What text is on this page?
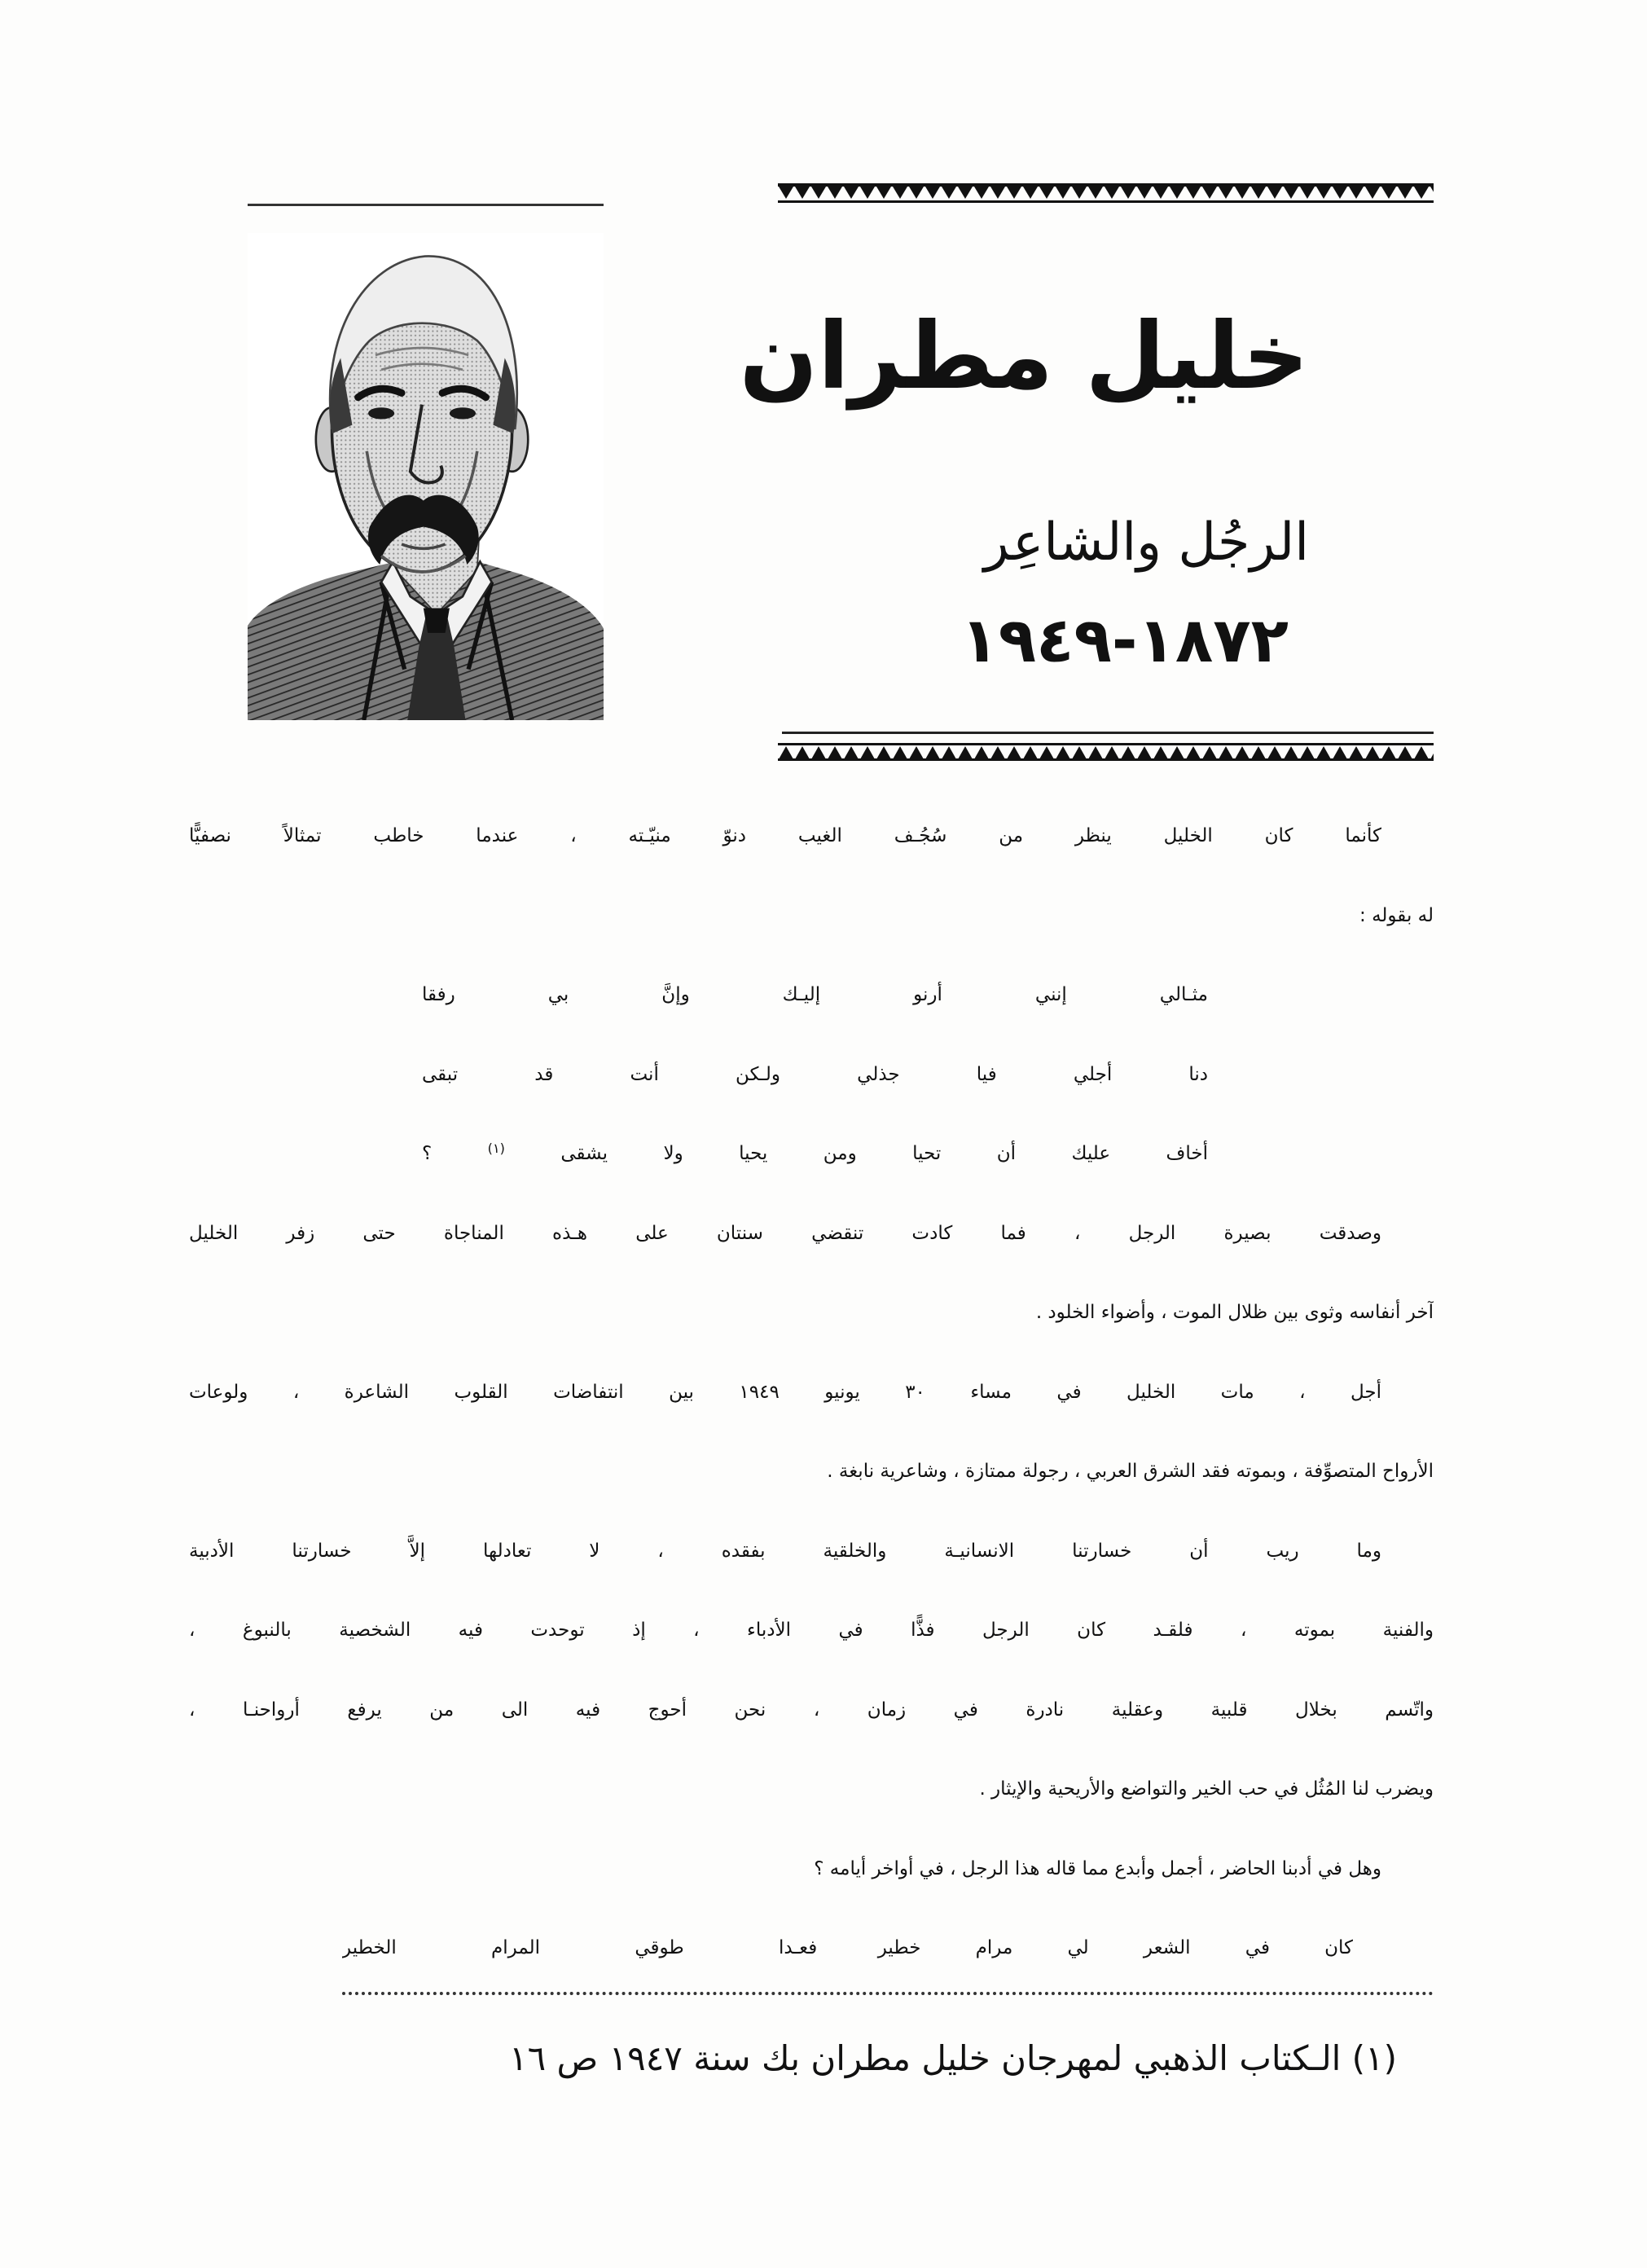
خليل مطران
الرجُل والشاعِر
١٨٧٢-١٩٤٩
كأنما كان الخليل ينظر من سُجُـف الغيب دنوّ منيّـته ، عندما خاطب تمثالاً نصفيًّا
له بقوله :
مثـالي إنني أرنو إليـك وإنَّ بي رفقا
دنا أجلي فيا جذلي ولـكن أنت قد تبقى
أخاف عليك أن تحيا ومن يحيا ولا يشقى $^{(١)}$ ؟
وصدقت بصيرة الرجل ، فما كادت تنقضي سنتان على هـذه المناجاة حتى زفر الخليل
آخر أنفاسه وثوى بين ظلال الموت ، وأضواء الخلود .
أجل ، مات الخليل في مساء ٣٠ يونيو ١٩٤٩ بين انتفاضات القلوب الشاعرة ، ولوعات
الأرواح المتصوِّفة ، وبموته فقد الشرق العربي ، رجولة ممتازة ، وشاعرية نابغة .
وما ريب أن خسارتنا الانسانيـة والخلقية بفقده ، لا تعادلها إلاَّ خسارتنا الأدبية
والفنية بموته ، فلقـد كان الرجل فذًّا في الأدباء ، إذ توحدت فيه الشخصية بالنبوغ ،
واتّسم بخلال قلبية وعقلية نادرة في زمان ، نحن أحوج فيه الى من يرفع أرواحنـا ،
ويضرب لنا المُثُل في حب الخير والتواضع والأريحية والإيثار .
وهل في أدبنا الحاضر ، أجمل وأبدع مما قاله هذا الرجل ، في أواخر أيامه ؟
كان في الشعر لي مرام خطير
فعـدا طوقي المرام الخطير
(١) الـكتاب الذهبي لمهرجان خليل مطران بك سنة ١٩٤٧ ص ١٦
